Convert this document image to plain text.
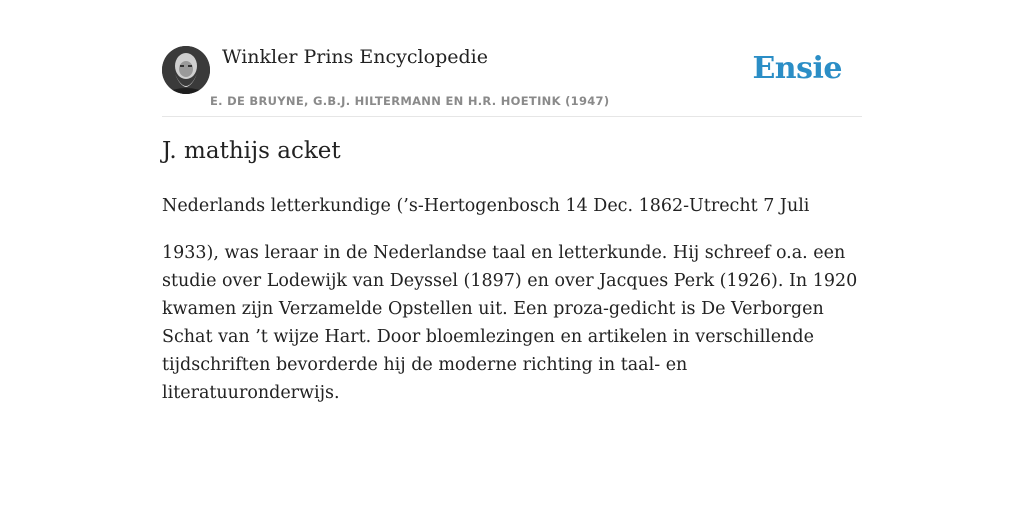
Winkler Prins Encyclopedie
E. DE BRUYNE, G.B.J. HILTERMANN EN H.R. HOETINK (1947)
Ensie
J. mathijs acket

Nederlands letterkundige (’s-Hertogenbosch 14 Dec. 1862-Utrecht 7 Juli

1933), was leraar in de Nederlandse taal en letterkunde. Hij schreef o.a. een studie over Lodewijk van Deyssel (1897) en over Jacques Perk (1926). In 1920 kwamen zijn Verzamelde Opstellen uit. Een proza-gedicht is De Verborgen Schat van ’t wijze Hart. Door bloemlezingen en artikelen in verschillende tijdschriften bevorderde hij de moderne richting in taal- en literatuuronderwijs.
